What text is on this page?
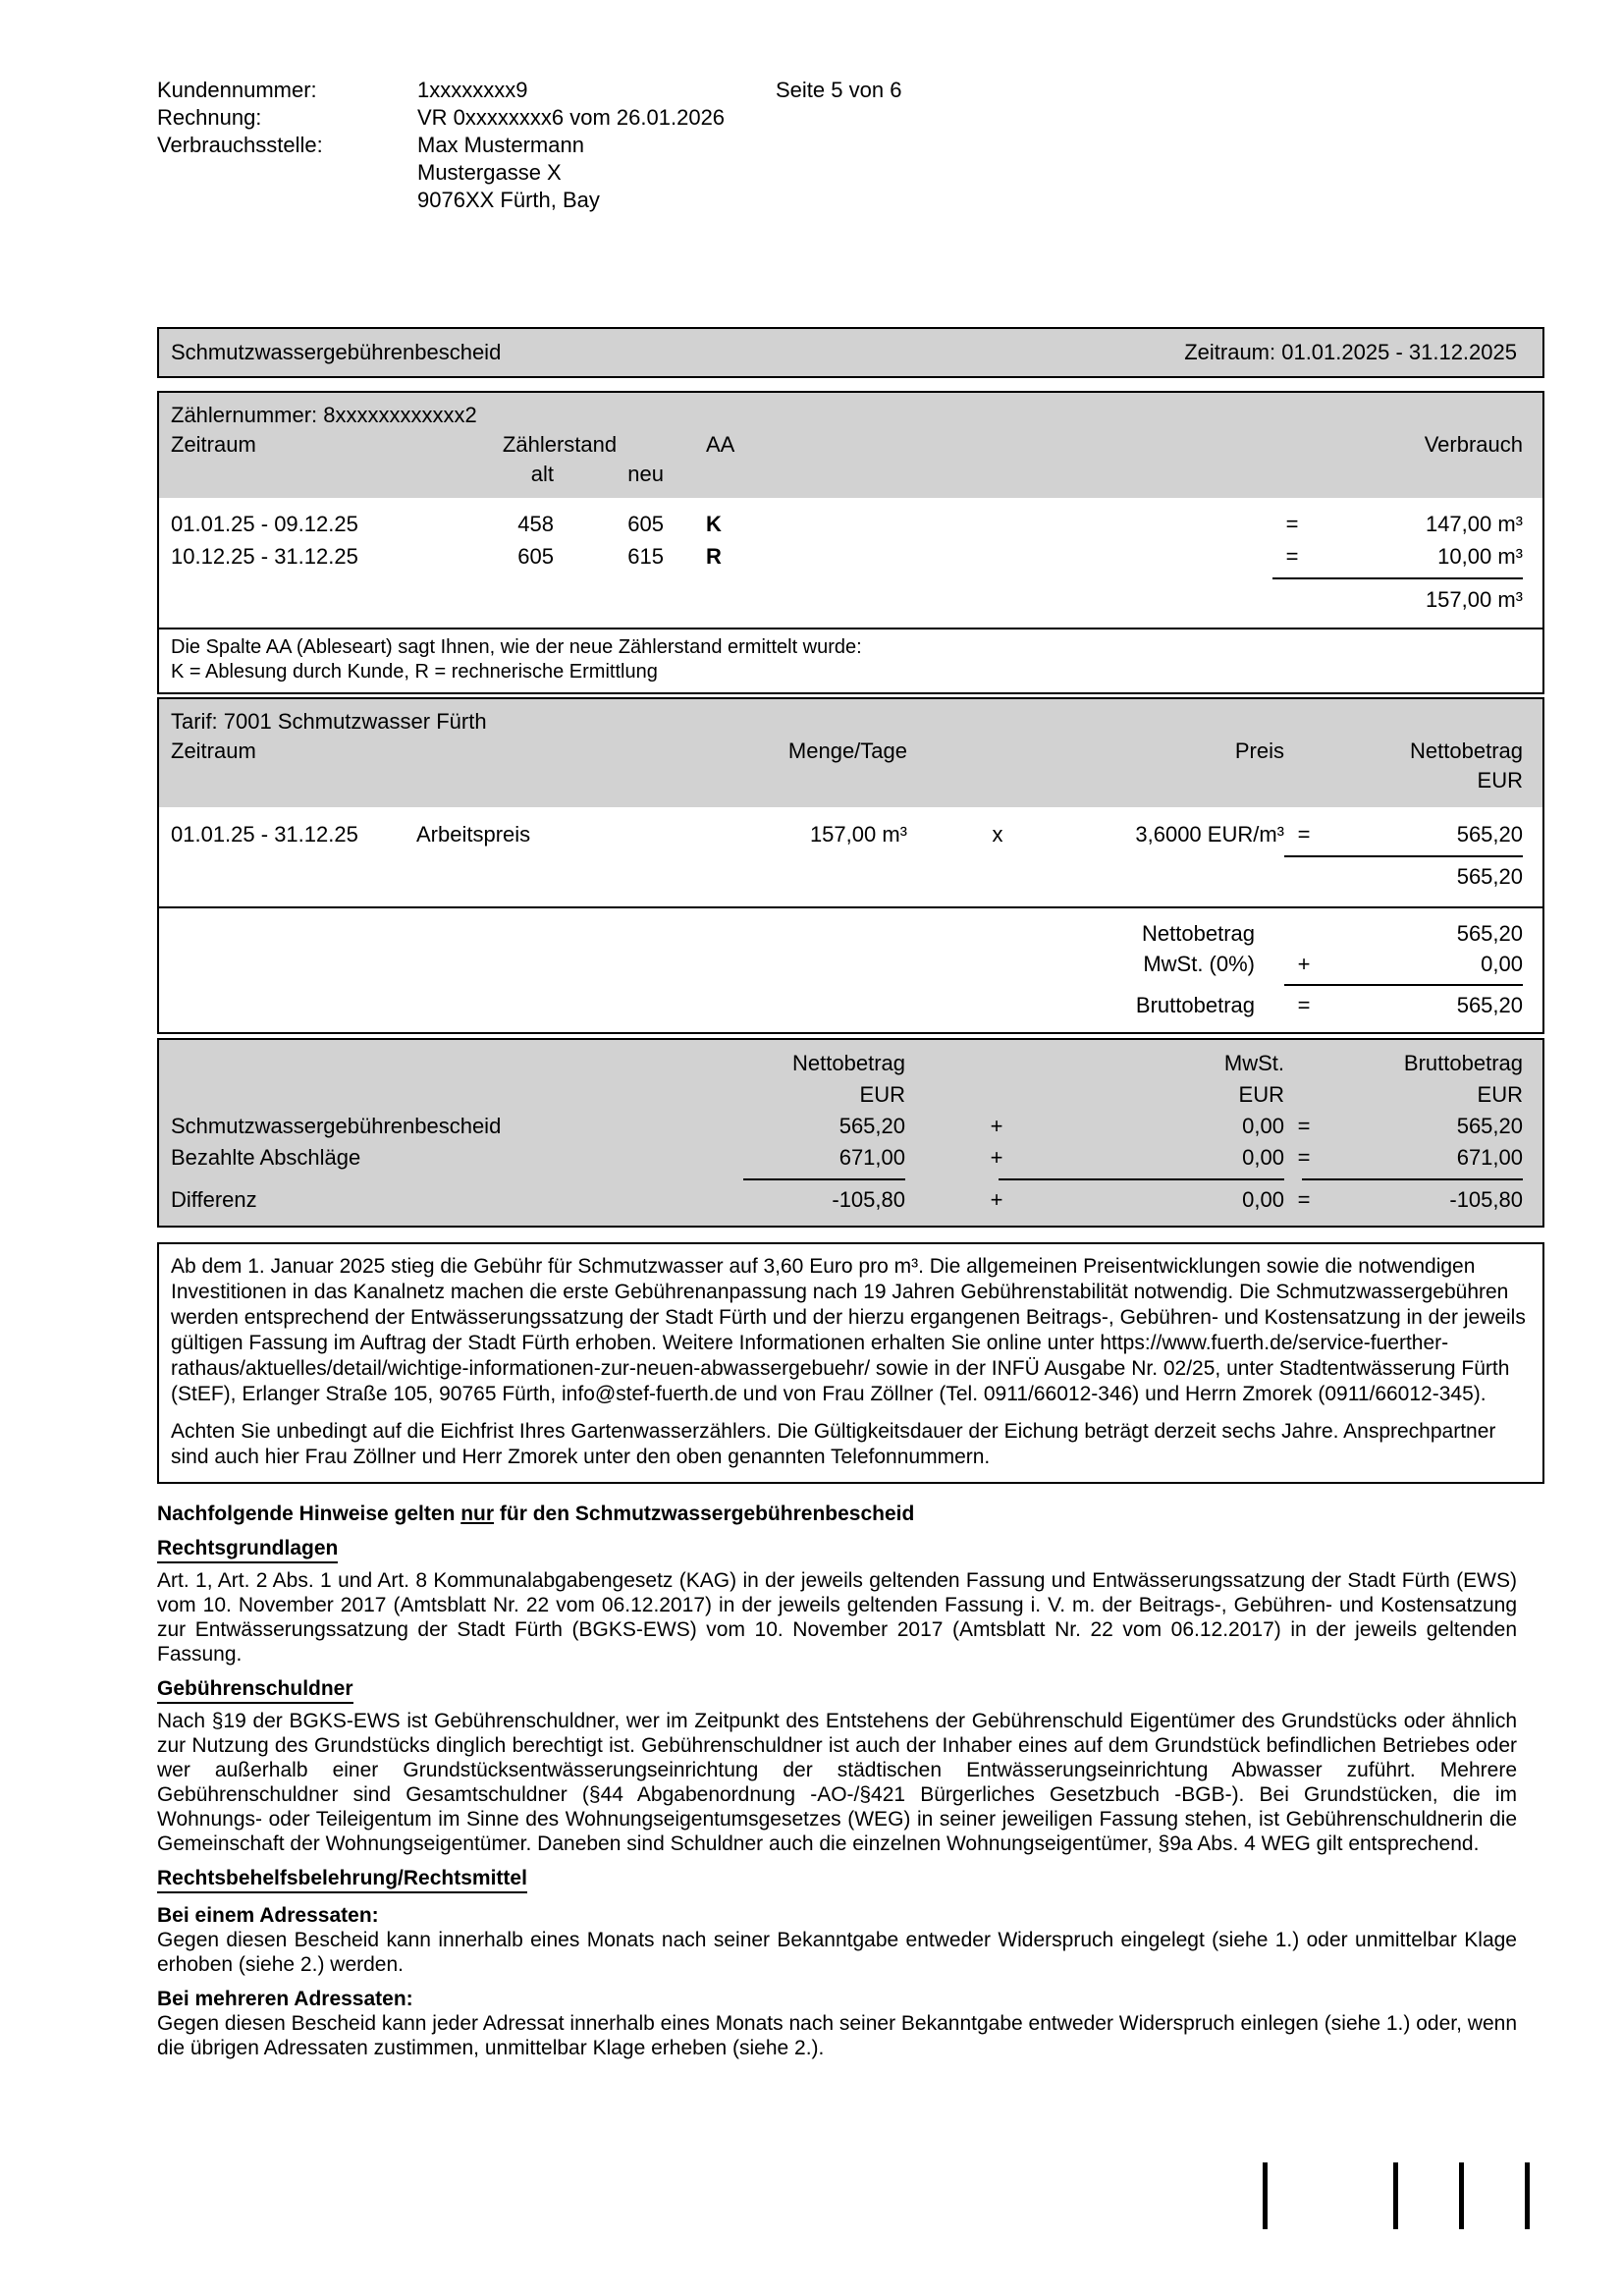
Kundennummer:	1xxxxxxxx9	Seite 5 von 6
Rechnung:	VR 0xxxxxxxx6 vom 26.01.2026
Verbrauchsstelle:	Max Mustermann
Mustergasse X
9076XX Fürth, Bay
Schmutzwassergebührenbescheid	Zeitraum: 01.01.2025 - 31.12.2025
Zählernummer: 8xxxxxxxxxxxx2
Zeitraum	Zählerstand	AA	Verbrauch
alt	neu
01.01.25 - 09.12.25	458	605	K	=	147,00 m³
10.12.25 - 31.12.25	605	615	R	=	10,00 m³
157,00 m³
Die Spalte AA (Ableseart) sagt Ihnen, wie der neue Zählerstand ermittelt wurde:
K = Ablesung durch Kunde, R = rechnerische Ermittlung
Tarif: 7001 Schmutzwasser Fürth
Zeitraum	Menge/Tage	Preis	Nettobetrag
EUR
01.01.25 - 31.12.25	Arbeitspreis	157,00 m³	x	3,6000 EUR/m³ =	565,20
565,20
Nettobetrag	565,20
MwSt. (0%)	+	0,00
Bruttobetrag	=	565,20
Nettobetrag	MwSt.	Bruttobetrag
EUR	EUR	EUR
Schmutzwassergebührenbescheid	565,20	+	0,00 =	565,20
Bezahlte Abschläge	671,00	+	0,00 =	671,00
Differenz	-105,80	+	0,00 =	-105,80

Ab dem 1. Januar 2025 stieg die Gebühr für Schmutzwasser auf 3,60 Euro pro m³. Die allgemeinen Preisentwicklungen sowie die notwendigen Investitionen in das Kanalnetz machen die erste Gebührenanpassung nach 19 Jahren Gebührenstabilität notwendig. Die Schmutzwassergebühren werden entsprechend der Entwässerungssatzung der Stadt Fürth und der hierzu ergangenen Beitrags-, Gebühren- und Kostensatzung in der jeweils gültigen Fassung im Auftrag der Stadt Fürth erhoben. Weitere Informationen erhalten Sie online unter https://www.fuerth.de/service-fuerther-rathaus/aktuelles/detail/wichtige-informationen-zur-neuen-abwassergebuehr/ sowie in der INFÜ Ausgabe Nr. 02/25, unter Stadtentwässerung Fürth (StEF), Erlanger Straße 105, 90765 Fürth, info@stef-fuerth.de und von Frau Zöllner (Tel. 0911/66012-346) und Herrn Zmorek (0911/66012-345).

Achten Sie unbedingt auf die Eichfrist Ihres Gartenwasserzählers. Die Gültigkeitsdauer der Eichung beträgt derzeit sechs Jahre. Ansprechpartner sind auch hier Frau Zöllner und Herr Zmorek unter den oben genannten Telefonnummern.

Nachfolgende Hinweise gelten nur für den Schmutzwassergebührenbescheid
Rechtsgrundlagen

Art. 1, Art. 2 Abs. 1 und Art. 8 Kommunalabgabengesetz (KAG) in der jeweils geltenden Fassung und Entwässerungssatzung der Stadt Fürth (EWS) vom 10. November 2017 (Amtsblatt Nr. 22 vom 06.12.2017) in der jeweils geltenden Fassung i. V. m. der Beitrags-, Gebühren- und Kostensatzung zur Entwässerungssatzung der Stadt Fürth (BGKS-EWS) vom 10. November 2017 (Amtsblatt Nr. 22 vom 06.12.2017) in der jeweils geltenden Fassung.

Gebührenschuldner

Nach §19 der BGKS-EWS ist Gebührenschuldner, wer im Zeitpunkt des Entstehens der Gebührenschuld Eigentümer des Grundstücks oder ähnlich zur Nutzung des Grundstücks dinglich berechtigt ist. Gebührenschuldner ist auch der Inhaber eines auf dem Grundstück befindlichen Betriebes oder wer außerhalb einer Grundstücksentwässerungseinrichtung der städtischen Entwässerungseinrichtung Abwasser zuführt. Mehrere Gebührenschuldner sind Gesamtschuldner (§44 Abgabenordnung -AO-/§421 Bürgerliches Gesetzbuch -BGB-). Bei Grundstücken, die im Wohnungs- oder Teileigentum im Sinne des Wohnungseigentumsgesetzes (WEG) in seiner jeweiligen Fassung stehen, ist Gebührenschuldnerin die Gemeinschaft der Wohnungseigentümer. Daneben sind Schuldner auch die einzelnen Wohnungseigentümer, §9a Abs. 4 WEG gilt entsprechend.

Rechtsbehelfsbelehrung/Rechtsmittel
Bei einem Adressaten:

Gegen diesen Bescheid kann innerhalb eines Monats nach seiner Bekanntgabe entweder Widerspruch eingelegt (siehe 1.) oder unmittelbar Klage erhoben (siehe 2.) werden.

Bei mehreren Adressaten:

Gegen diesen Bescheid kann jeder Adressat innerhalb eines Monats nach seiner Bekanntgabe entweder Widerspruch einlegen (siehe 1.) oder, wenn die übrigen Adressaten zustimmen, unmittelbar Klage erheben (siehe 2.).
